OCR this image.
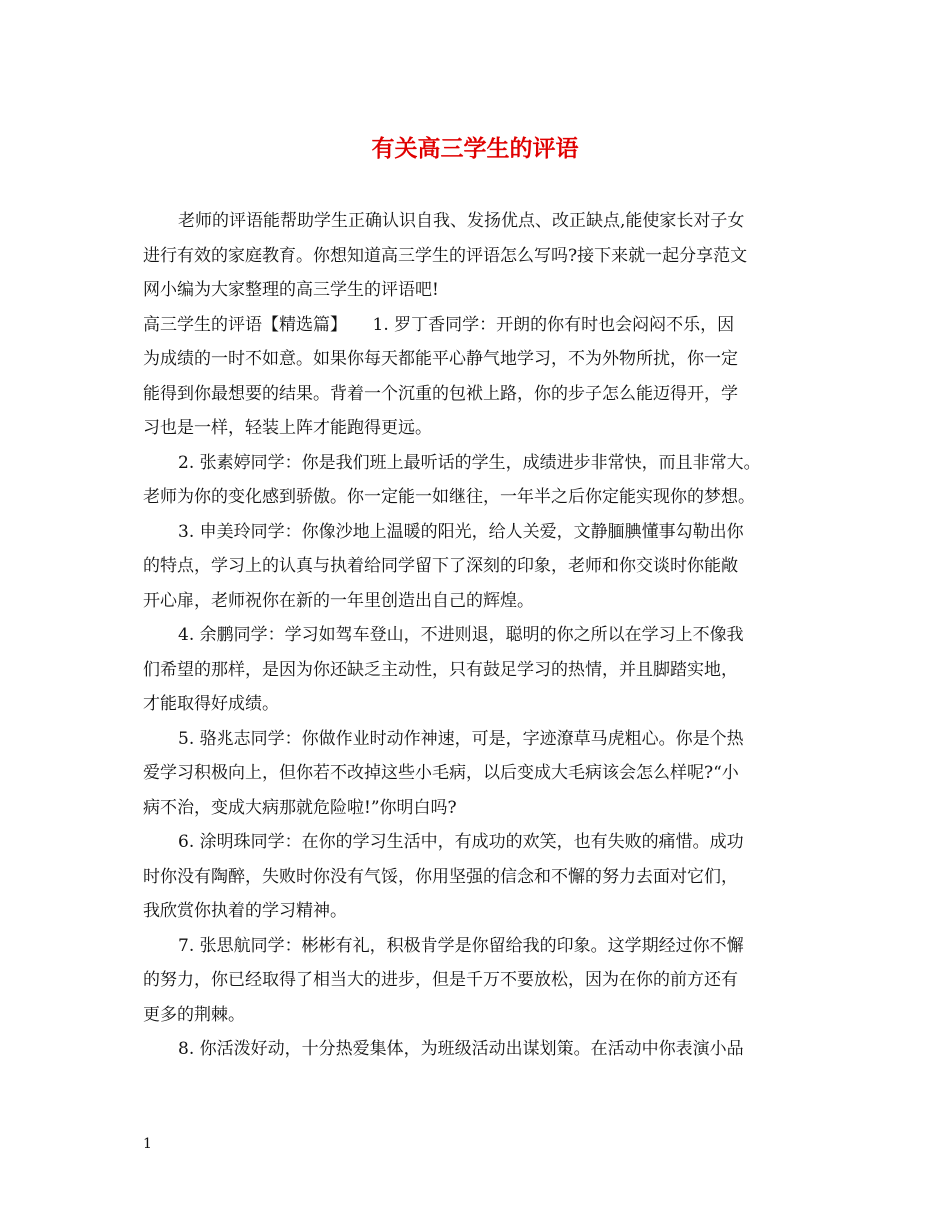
有关高三学生的评语
老师的评语能帮助学生正确认识自我、发扬优点、改正缺点,能使家长对子女
进行有效的家庭教育。你想知道高三学生的评语怎么写吗?接下来就一起分享范文
网小编为大家整理的高三学生的评语吧!
高三学生的评语【精选篇】　　1. 罗丁香同学：开朗的你有时也会闷闷不乐，因
为成绩的一时不如意。如果你每天都能平心静气地学习，不为外物所扰，你一定
能得到你最想要的结果。背着一个沉重的包袱上路，你的步子怎么能迈得开，学
习也是一样，轻装上阵才能跑得更远。
2. 张素婷同学：你是我们班上最听话的学生，成绩进步非常快，而且非常大。
老师为你的变化感到骄傲。你一定能一如继往，一年半之后你定能实现你的梦想。
3. 申美玲同学：你像沙地上温暖的阳光，给人关爱，文静腼腆懂事勾勒出你
的特点，学习上的认真与执着给同学留下了深刻的印象，老师和你交谈时你能敞
开心扉，老师祝你在新的一年里创造出自己的辉煌。
4. 余鹏同学：学习如驾车登山，不进则退，聪明的你之所以在学习上不像我
们希望的那样，是因为你还缺乏主动性，只有鼓足学习的热情，并且脚踏实地，
才能取得好成绩。
5. 骆兆志同学：你做作业时动作神速，可是，字迹潦草马虎粗心。你是个热
爱学习积极向上，但你若不改掉这些小毛病，以后变成大毛病该会怎么样呢?“小
病不治，变成大病那就危险啦!”你明白吗?
6. 涂明珠同学：在你的学习生活中，有成功的欢笑，也有失败的痛惜。成功
时你没有陶醉，失败时你没有气馁，你用坚强的信念和不懈的努力去面对它们，
我欣赏你执着的学习精神。
7. 张思航同学：彬彬有礼，积极肯学是你留给我的印象。这学期经过你不懈
的努力，你已经取得了相当大的进步，但是千万不要放松，因为在你的前方还有
更多的荆棘。
8. 你活泼好动，十分热爱集体，为班级活动出谋划策。在活动中你表演小品
1
